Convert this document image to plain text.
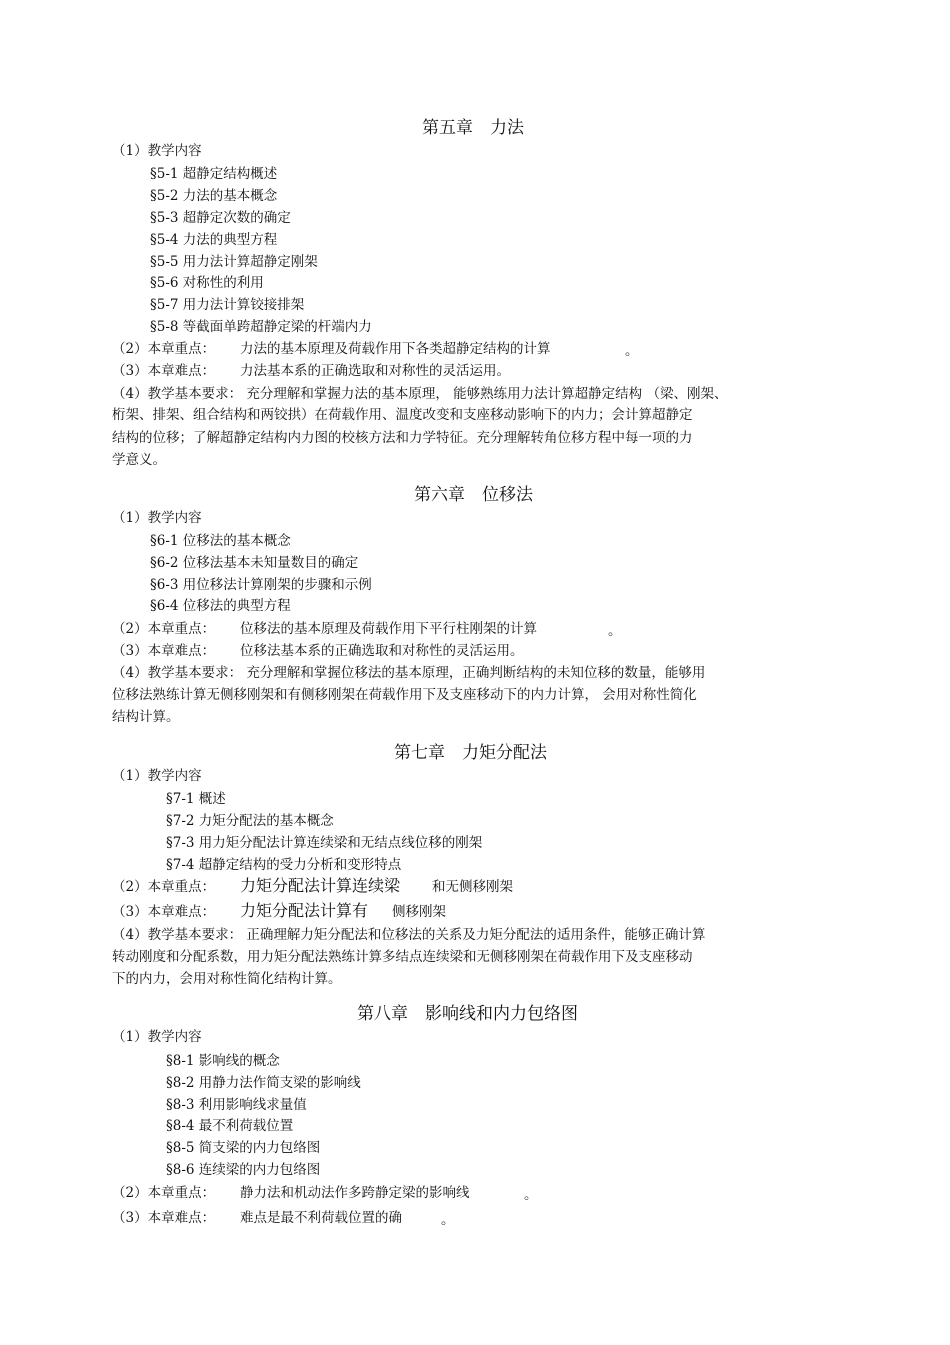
第五章　力法
（1）教学内容
§5-1 超静定结构概述
§5-2 力法的基本概念
§5-3 超静定次数的确定
§5-4 力法的典型方程
§5-5 用力法计算超静定刚架
§5-6 对称性的利用
§5-7 用力法计算铰接排架
§5-8 等截面单跨超静定梁的杆端内力
（2）本章重点： 力法的基本原理及荷载作用下各类超静定结构的计算	。
（3）本章难点： 力法基本系的正确选取和对称性的灵活运用。
（4）教学基本要求： 充分理解和掌握力法的基本原理， 能够熟练用力法计算超静定结构 （梁、刚架、
桁架、排架、组合结构和两铰拱）在荷载作用、温度改变和支座移动影响下的内力；会计算超静定
结构的位移；了解超静定结构内力图的校核方法和力学特征。充分理解转角位移方程中每一项的力
学意义。
第六章　位移法
（1）教学内容
§6-1 位移法的基本概念
§6-2 位移法基本未知量数目的确定
§6-3 用位移法计算刚架的步骤和示例
§6-4 位移法的典型方程
（2）本章重点： 位移法的基本原理及荷载作用下平行柱刚架的计算	。
（3）本章难点： 位移法基本系的正确选取和对称性的灵活运用。
（4）教学基本要求： 充分理解和掌握位移法的基本原理，正确判断结构的未知位移的数量，能够用
位移法熟练计算无侧移刚架和有侧移刚架在荷载作用下及支座移动下的内力计算， 会用对称性简化
结构计算。
第七章　力矩分配法
（1）教学内容
§7-1 概述
§7-2 力矩分配法的基本概念
§7-3 用力矩分配法计算连续梁和无结点线位移的刚架
§7-4 超静定结构的受力分析和变形特点
（2）本章重点： 力矩分配法计算连续梁 和无侧移刚架
（3）本章难点： 力矩分配法计算有 侧移刚架
（4）教学基本要求： 正确理解力矩分配法和位移法的关系及力矩分配法的适用条件，能够正确计算
转动刚度和分配系数，用力矩分配法熟练计算多结点连续梁和无侧移刚架在荷载作用下及支座移动
下的内力，会用对称性简化结构计算。
第八章　影响线和内力包络图
（1）教学内容
§8-1 影响线的概念
§8-2 用静力法作简支梁的影响线
§8-3 利用影响线求量值
§8-4 最不利荷载位置
§8-5 简支梁的内力包络图
§8-6 连续梁的内力包络图
（2）本章重点： 静力法和机动法作多跨静定梁的影响线	。
（3）本章难点： 难点是最不利荷载位置的确	。
